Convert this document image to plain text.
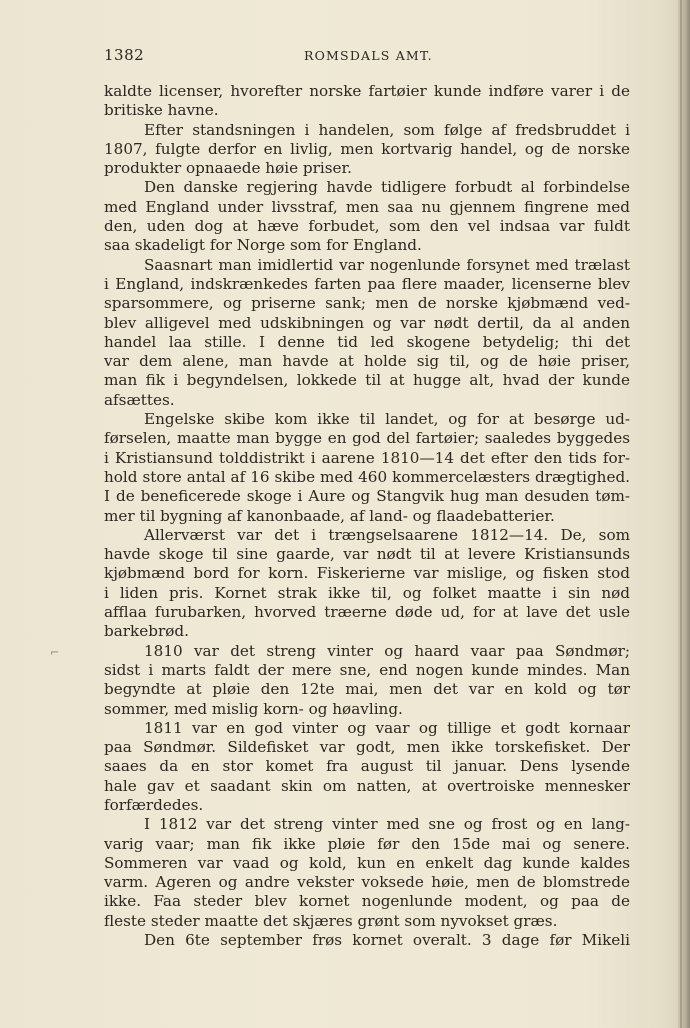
1382	ROMSDALS AMT.
⌐
kaldte licenser, hvorefter norske fartøier kunde indføre varer i de
britiske havne.
Efter standsningen i handelen, som følge af fredsbruddet i
1807, fulgte derfor en livlig, men kortvarig handel, og de norske
produkter opnaaede høie priser.
Den danske regjering havde tidligere forbudt al forbindelse
med England under livsstraf, men saa nu gjennem fingrene med
den, uden dog at hæve forbudet, som den vel indsaa var fuldt
saa skadeligt for Norge som for England.
Saasnart man imidlertid var nogenlunde forsynet med trælast
i England, indskrænkedes farten paa flere maader, licenserne blev
sparsommere, og priserne sank; men de norske kjøbmænd ved-
blev alligevel med udskibningen og var nødt dertil, da al anden
handel laa stille. I denne tid led skogene betydelig; thi det
var dem alene, man havde at holde sig til, og de høie priser,
man fik i begyndelsen, lokkede til at hugge alt, hvad der kunde
afsættes.
Engelske skibe kom ikke til landet, og for at besørge ud-
førselen, maatte man bygge en god del fartøier; saaledes byggedes
i Kristiansund tolddistrikt i aarene 1810—14 det efter den tids for-
hold store antal af 16 skibe med 460 kommercelæsters drægtighed.
I de beneficerede skoge i Aure og Stangvik hug man desuden tøm-
mer til bygning af kanonbaade, af land- og flaadebatterier.
Allerværst var det i trængselsaarene 1812—14. De, som
havde skoge til sine gaarde, var nødt til at levere Kristiansunds
kjøbmænd bord for korn. Fiskerierne var mislige, og fisken stod
i liden pris. Kornet strak ikke til, og folket maatte i sin nød
afflaa furubarken, hvorved træerne døde ud, for at lave det usle
barkebrød.
1810 var det streng vinter og haard vaar paa Søndmør;
sidst i marts faldt der mere sne, end nogen kunde mindes. Man
begyndte at pløie den 12te mai, men det var en kold og tør
sommer, med mislig korn- og høavling.
1811 var en god vinter og vaar og tillige et godt kornaar
paa Søndmør. Sildefisket var godt, men ikke torskefisket. Der
saaes da en stor komet fra august til januar. Dens lysende
hale gav et saadant skin om natten, at overtroiske mennesker
forfærdedes.
I 1812 var det streng vinter med sne og frost og en lang-
varig vaar; man fik ikke pløie før den 15de mai og senere.
Sommeren var vaad og kold, kun en enkelt dag kunde kaldes
varm. Ageren og andre vekster voksede høie, men de blomstrede
ikke. Faa steder blev kornet nogenlunde modent, og paa de
fleste steder maatte det skjæres grønt som nyvokset græs.
Den 6te september frøs kornet overalt. 3 dage før Mikeli
